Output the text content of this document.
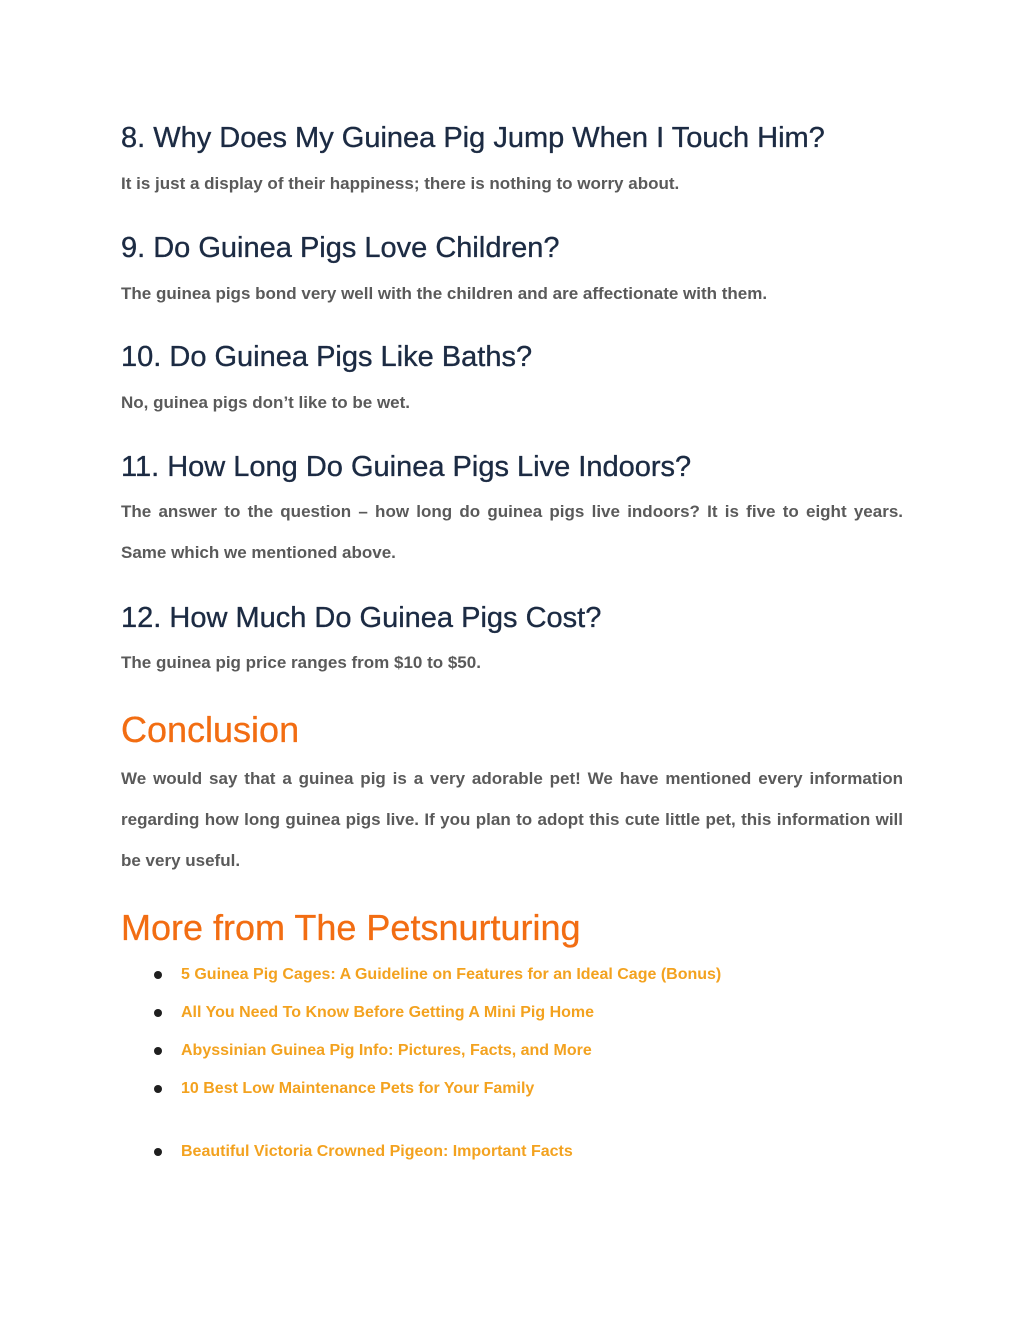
8. Why Does My Guinea Pig Jump When I Touch Him?

It is just a display of their happiness; there is nothing to worry about.

9. Do Guinea Pigs Love Children?

The guinea pigs bond very well with the children and are affectionate with them.

10. Do Guinea Pigs Like Baths?

No, guinea pigs don’t like to be wet.

11. How Long Do Guinea Pigs Live Indoors?

The answer to the question – how long do guinea pigs live indoors? It is five to eight years. Same which we mentioned above.

12. How Much Do Guinea Pigs Cost?

The guinea pig price ranges from $10 to $50.

Conclusion

We would say that a guinea pig is a very adorable pet! We have mentioned every information regarding how long guinea pigs live. If you plan to adopt this cute little pet, this information will be very useful.

More from The Petsnurturing
5 Guinea Pig Cages: A Guideline on Features for an Ideal Cage (Bonus)
All You Need To Know Before Getting A Mini Pig Home
Abyssinian Guinea Pig Info: Pictures, Facts, and More
10 Best Low Maintenance Pets for Your Family
Beautiful Victoria Crowned Pigeon: Important Facts
